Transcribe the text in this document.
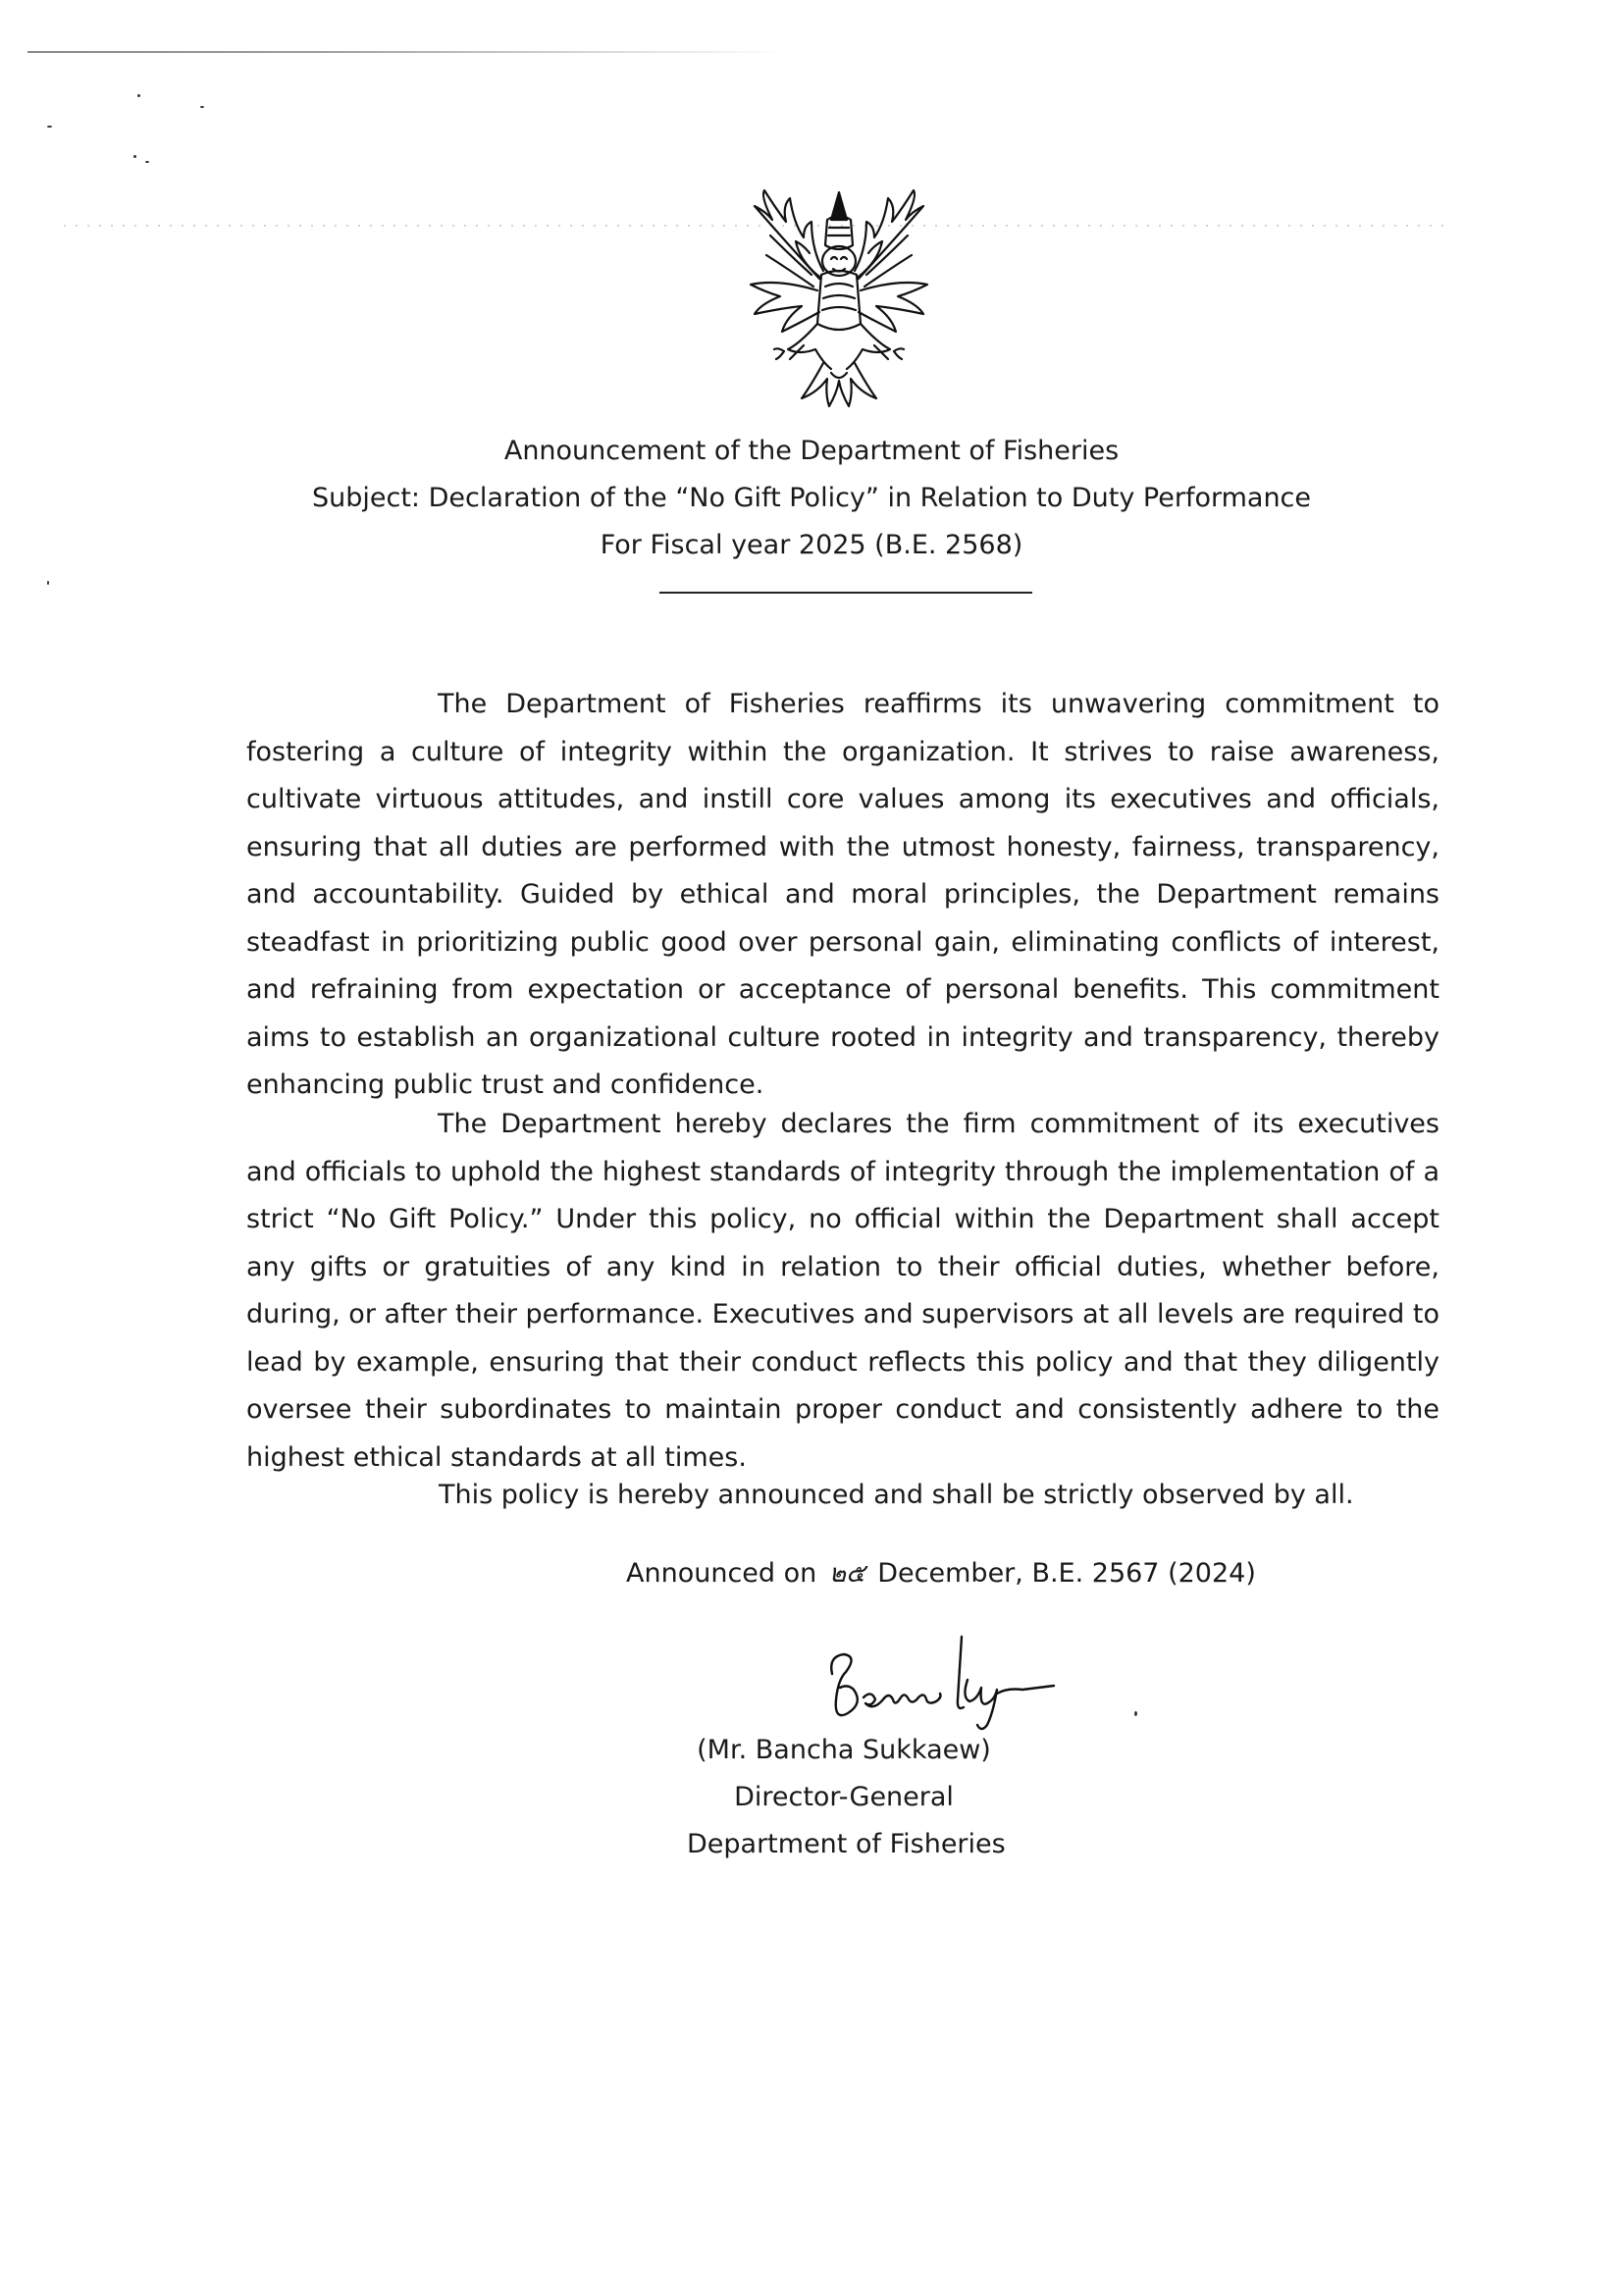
Announcement of the Department of Fisheries
Subject: Declaration of the “No Gift Policy” in Relation to Duty Performance
For Fiscal year 2025 (B.E. 2568)
The Department of Fisheries reaffirms its unwavering commitment to fostering a culture of integrity within the organization. It strives to raise awareness, cultivate virtuous attitudes, and instill core values among its executives and officials, ensuring that all duties are performed with the utmost honesty, fairness, transparency, and accountability. Guided by ethical and moral principles, the Department remains steadfast in prioritizing public good over personal gain, eliminating conflicts of interest, and refraining from expectation or acceptance of personal benefits. This commitment aims to establish an organizational culture rooted in integrity and transparency, thereby enhancing public trust and confidence.
The Department hereby declares the firm commitment of its executives and officials to uphold the highest standards of integrity through the implementation of a strict “No Gift Policy.” Under this policy, no official within the Department shall accept any gifts or gratuities of any kind in relation to their official duties, whether before, during, or after their performance. Executives and supervisors at all levels are required to lead by example, ensuring that their conduct reflects this policy and that they diligently oversee their subordinates to maintain proper conduct and consistently adhere to the highest ethical standards at all times.
This policy is hereby announced and shall be strictly observed by all.
Announced on ๒๕ December, B.E. 2567 (2024)
(Mr. Bancha Sukkaew)
Director-General
Department of Fisheries
